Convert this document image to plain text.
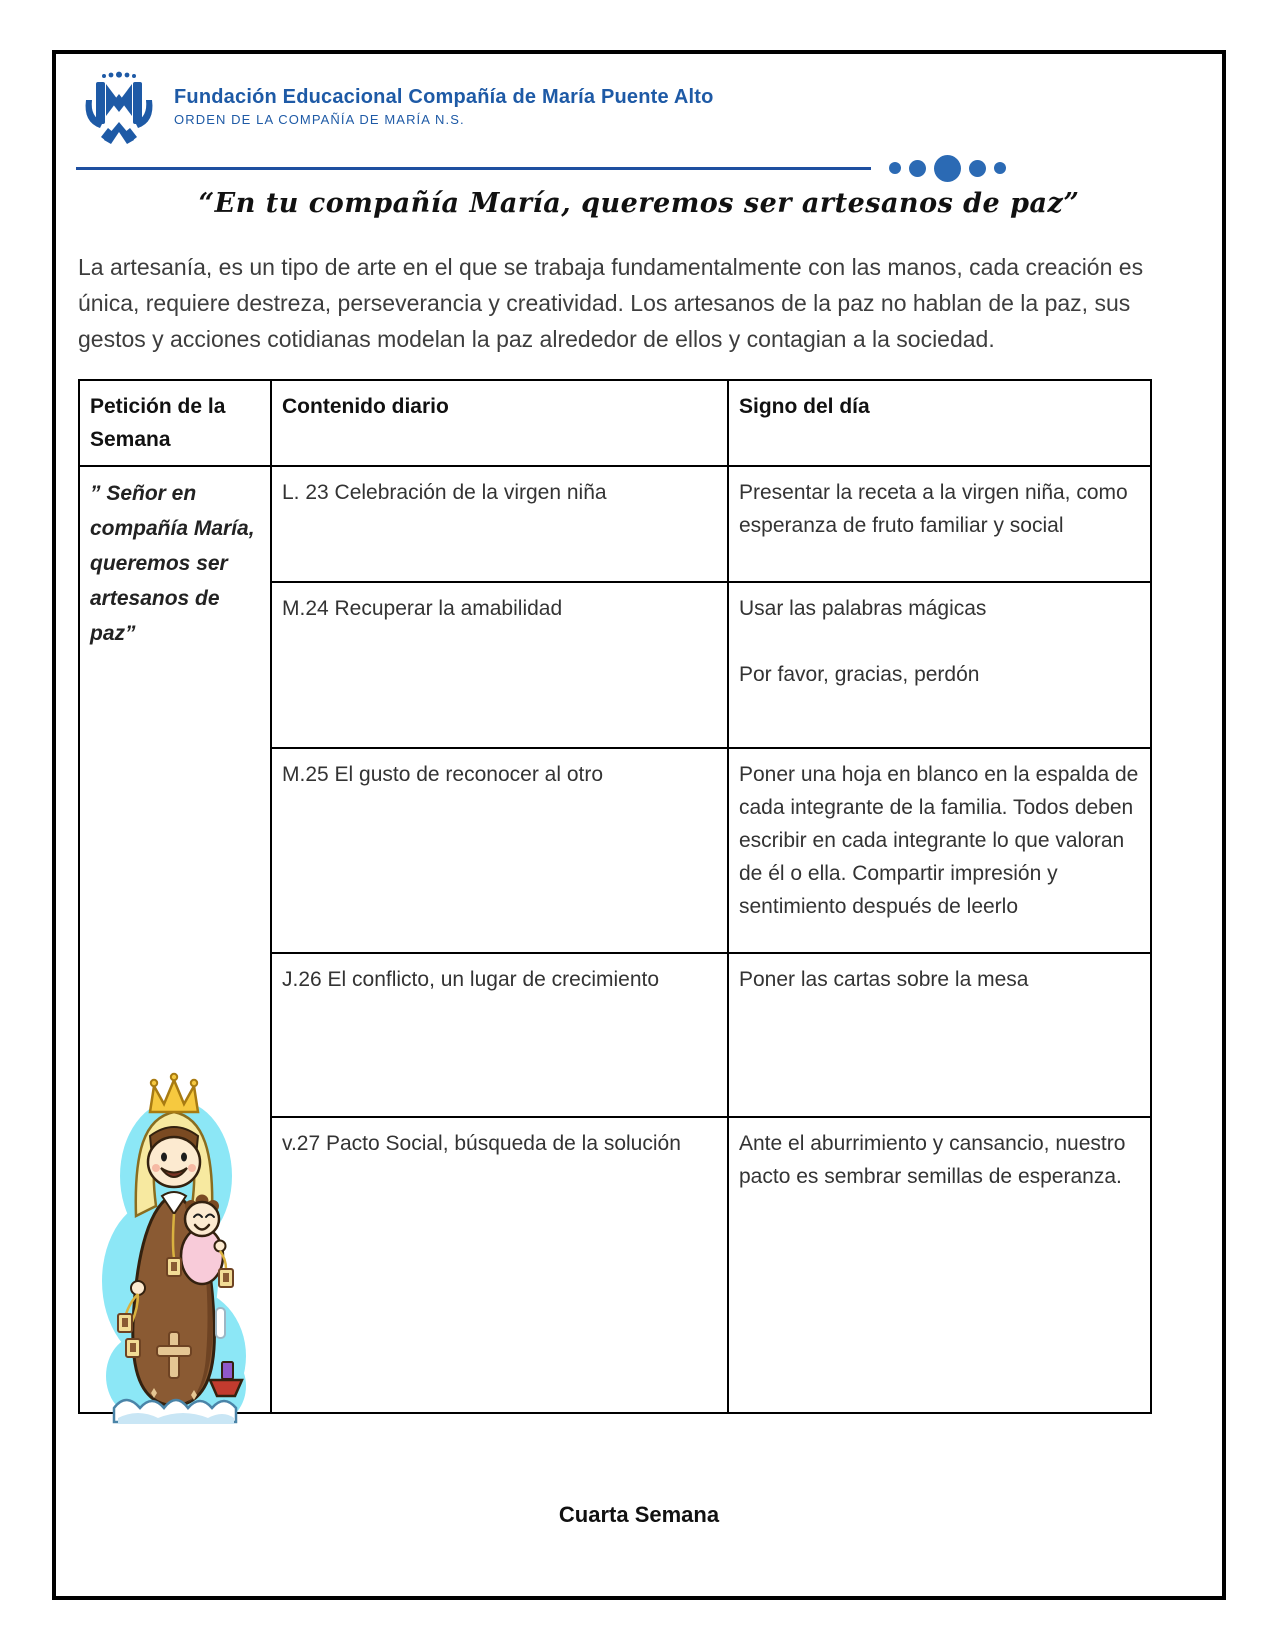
Fundación Educacional Compañía de María Puente Alto
ORDEN DE LA COMPAÑÍA DE MARÍA N.S.
“En tu compañía María, queremos ser artesanos de paz”

La artesanía, es un tipo de arte en el que se trabaja fundamentalmente con las manos, cada creación es única, requiere destreza, perseverancia y creatividad. Los artesanos de la paz no hablan de la paz, sus gestos y acciones cotidianas modelan la paz alrededor de ellos y contagian a la sociedad.

Petición de la Semana	Contenido diario	Signo del día

” Señor en compañía María, queremos ser artesanos de paz”	L. 23 Celebración de la virgen niña	Presentar la receta a la virgen niña, como esperanza de fruto familiar y social
	M.24 Recuperar la amabilidad	Usar las palabras mágicas
Por favor, gracias, perdón

	M.25 El gusto de reconocer al otro	Poner una hoja en blanco en la espalda de cada integrante de la familia. Todos deben escribir en cada integrante lo que valoran de él o ella. Compartir impresión y sentimiento después de leerlo
	J.26 El conflicto, un lugar de crecimiento	Poner las cartas sobre la mesa
	v.27 Pacto Social, búsqueda de la solución	Ante el aburrimiento y cansancio, nuestro pacto es sembrar semillas de esperanza.
Cuarta Semana
